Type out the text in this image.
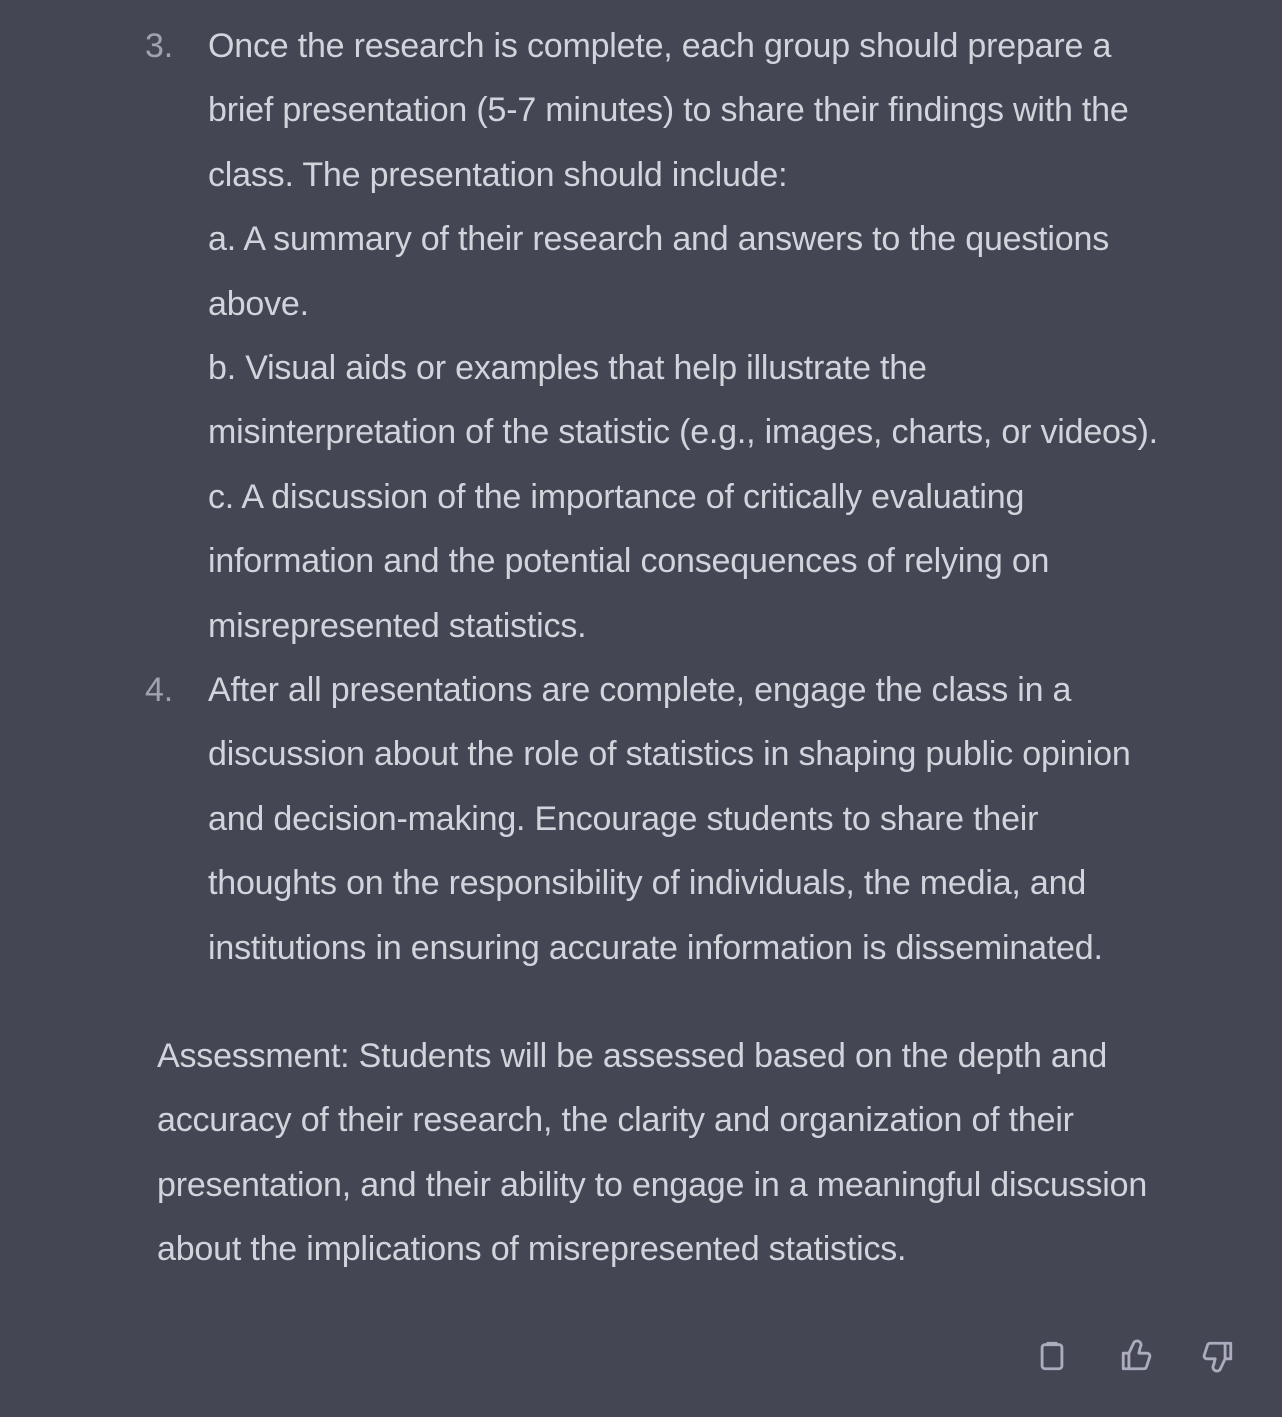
3. Once the research is complete, each group should prepare a
brief presentation (5-7 minutes) to share their findings with the
class. The presentation should include:
a. A summary of their research and answers to the questions
above.
b. Visual aids or examples that help illustrate the
misinterpretation of the statistic (e.g., images, charts, or videos).
c. A discussion of the importance of critically evaluating
information and the potential consequences of relying on
misrepresented statistics.
4. After all presentations are complete, engage the class in a
discussion about the role of statistics in shaping public opinion
and decision-making. Encourage students to share their
thoughts on the responsibility of individuals, the media, and
institutions in ensuring accurate information is disseminated.
Assessment: Students will be assessed based on the depth and
accuracy of their research, the clarity and organization of their
presentation, and their ability to engage in a meaningful discussion
about the implications of misrepresented statistics.
